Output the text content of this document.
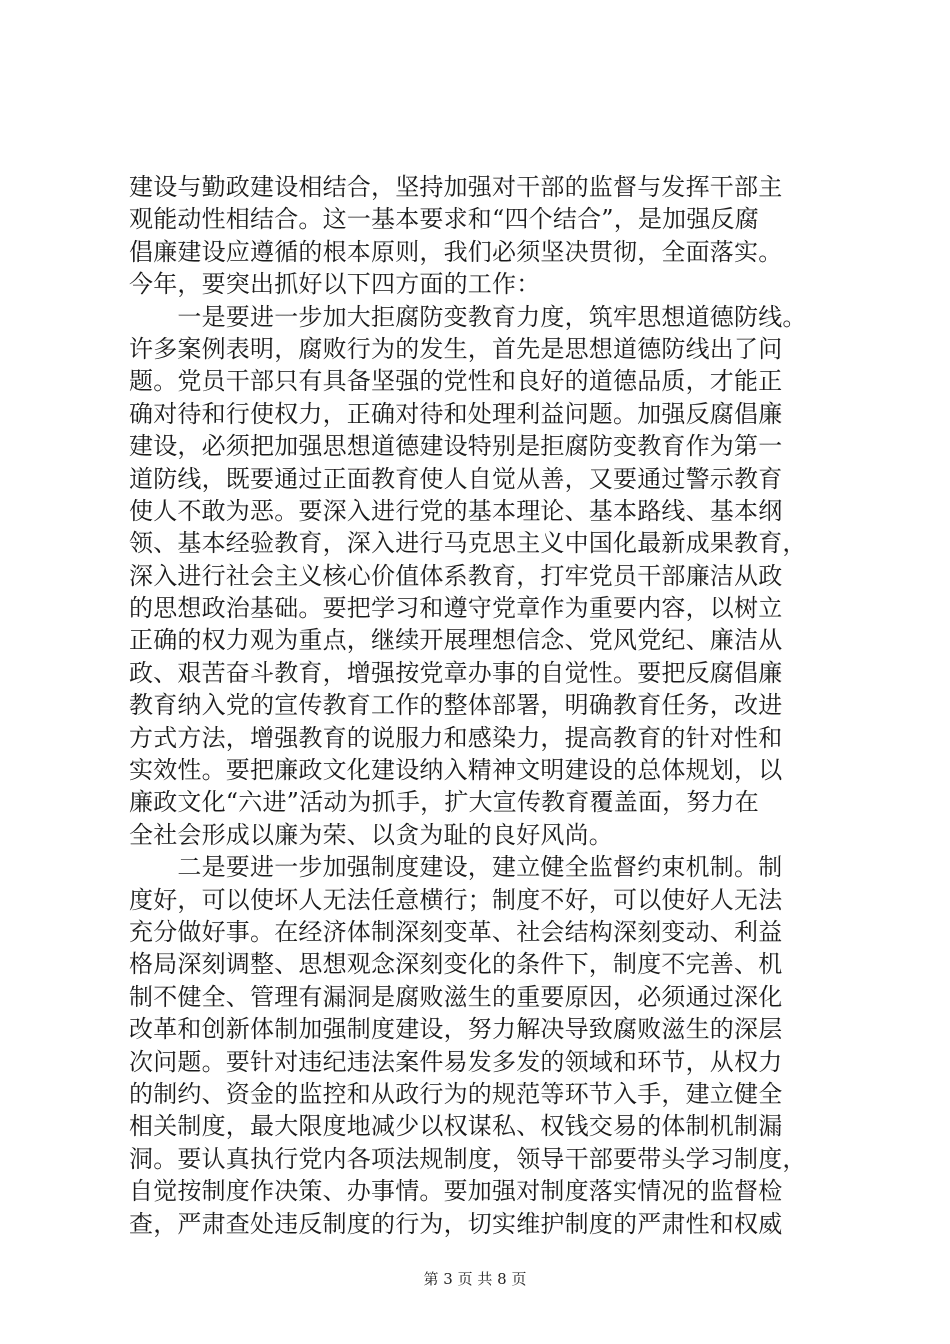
建设与勤政建设相结合，坚持加强对干部的监督与发挥干部主
观能动性相结合。这一基本要求和“四个结合”，是加强反腐
倡廉建设应遵循的根本原则，我们必须坚决贯彻，全面落实。
今年，要突出抓好以下四方面的工作：
　　一是要进一步加大拒腐防变教育力度，筑牢思想道德防线。
许多案例表明，腐败行为的发生，首先是思想道德防线出了问
题。党员干部只有具备坚强的党性和良好的道德品质，才能正
确对待和行使权力，正确对待和处理利益问题。加强反腐倡廉
建设，必须把加强思想道德建设特别是拒腐防变教育作为第一
道防线，既要通过正面教育使人自觉从善，又要通过警示教育
使人不敢为恶。要深入进行党的基本理论、基本路线、基本纲
领、基本经验教育，深入进行马克思主义中国化最新成果教育，
深入进行社会主义核心价值体系教育，打牢党员干部廉洁从政
的思想政治基础。要把学习和遵守党章作为重要内容，以树立
正确的权力观为重点，继续开展理想信念、党风党纪、廉洁从
政、艰苦奋斗教育，增强按党章办事的自觉性。要把反腐倡廉
教育纳入党的宣传教育工作的整体部署，明确教育任务，改进
方式方法，增强教育的说服力和感染力，提高教育的针对性和
实效性。要把廉政文化建设纳入精神文明建设的总体规划，以
廉政文化“六进”活动为抓手，扩大宣传教育覆盖面，努力在
全社会形成以廉为荣、以贪为耻的良好风尚。
　　二是要进一步加强制度建设，建立健全监督约束机制。制
度好，可以使坏人无法任意横行；制度不好，可以使好人无法
充分做好事。在经济体制深刻变革、社会结构深刻变动、利益
格局深刻调整、思想观念深刻变化的条件下，制度不完善、机
制不健全、管理有漏洞是腐败滋生的重要原因，必须通过深化
改革和创新体制加强制度建设，努力解决导致腐败滋生的深层
次问题。要针对违纪违法案件易发多发的领域和环节，从权力
的制约、资金的监控和从政行为的规范等环节入手，建立健全
相关制度，最大限度地减少以权谋私、权钱交易的体制机制漏
洞。要认真执行党内各项法规制度，领导干部要带头学习制度，
自觉按制度作决策、办事情。要加强对制度落实情况的监督检
查，严肃查处违反制度的行为，切实维护制度的严肃性和权威
第 3 页 共 8 页
